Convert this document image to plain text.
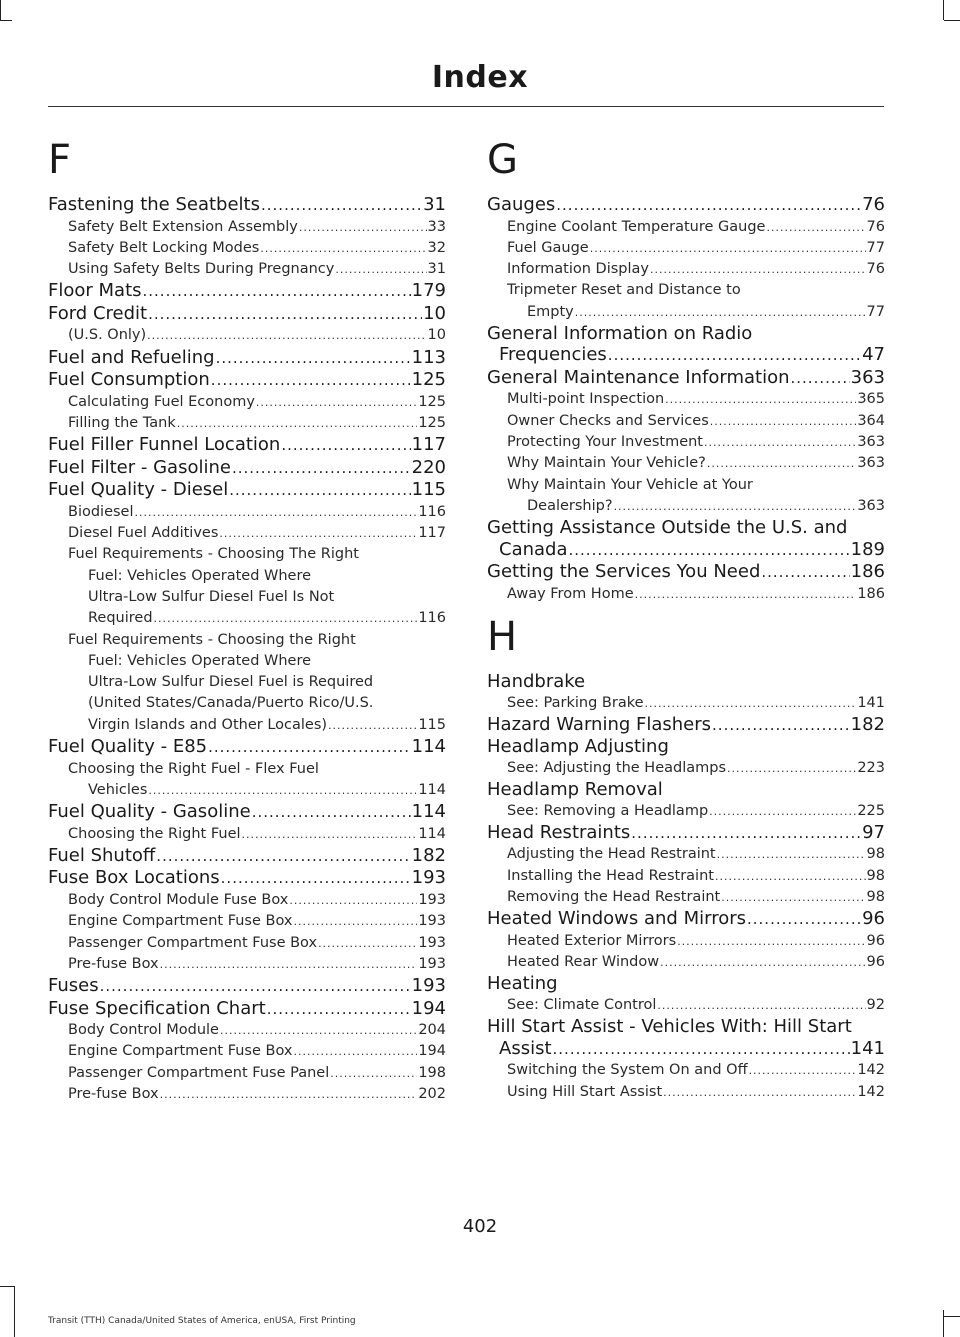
Index
F
Fastening the Seatbelts .....	31
Safety Belt Extension Assembly .....	33
Safety Belt Locking Modes .....	32
Using Safety Belts During Pregnancy .....	31
Floor Mats .....	179
Ford Credit .....	10
(U.S. Only) .....	10
Fuel and Refueling .....	113
Fuel Consumption .....	125
Calculating Fuel Economy .....	125
Filling the Tank .....	125
Fuel Filler Funnel Location .....	117
Fuel Filter - Gasoline .....	220
Fuel Quality - Diesel .....	115
Biodiesel .....	116
Diesel Fuel Additives .....	117
Fuel Requirements - Choosing The Right
Fuel: Vehicles Operated Where
Ultra-Low Sulfur Diesel Fuel Is Not
Required .....	116
Fuel Requirements - Choosing the Right
Fuel: Vehicles Operated Where
Ultra-Low Sulfur Diesel Fuel is Required
(United States/Canada/Puerto Rico/U.S.
Virgin Islands and Other Locales) .....	115
Fuel Quality - E85 .....	114
Choosing the Right Fuel - Flex Fuel
Vehicles .....	114
Fuel Quality - Gasoline .....	114
Choosing the Right Fuel .....	114
Fuel Shutoff .....	182
Fuse Box Locations .....	193
Body Control Module Fuse Box .....	193
Engine Compartment Fuse Box .....	193
Passenger Compartment Fuse Box .....	193
Pre-fuse Box .....	193
Fuses .....	193
Fuse Specification Chart .....	194
Body Control Module .....	204
Engine Compartment Fuse Box .....	194
Passenger Compartment Fuse Panel .....	198
Pre-fuse Box .....	202
G
Gauges .....	76
Engine Coolant Temperature Gauge .....	76
Fuel Gauge .....	77
Information Display .....	76
Tripmeter Reset and Distance to
Empty .....	77
General Information on Radio
Frequencies .....	47
General Maintenance Information .....	363
Multi-point Inspection .....	365
Owner Checks and Services .....	364
Protecting Your Investment .....	363
Why Maintain Your Vehicle? .....	363
Why Maintain Your Vehicle at Your
Dealership? .....	363
Getting Assistance Outside the U.S. and
Canada .....	189
Getting the Services You Need .....	186
Away From Home .....	186
H
Handbrake
See: Parking Brake .....	141
Hazard Warning Flashers .....	182
Headlamp Adjusting
See: Adjusting the Headlamps .....	223
Headlamp Removal
See: Removing a Headlamp .....	225
Head Restraints .....	97
Adjusting the Head Restraint .....	98
Installing the Head Restraint .....	98
Removing the Head Restraint .....	98
Heated Windows and Mirrors .....	96
Heated Exterior Mirrors .....	96
Heated Rear Window .....	96
Heating
See: Climate Control .....	92
Hill Start Assist - Vehicles With: Hill Start
Assist .....	141
Switching the System On and Off .....	142
Using Hill Start Assist .....	142
402
Transit (TTH) Canada/United States of America, enUSA, First Printing
